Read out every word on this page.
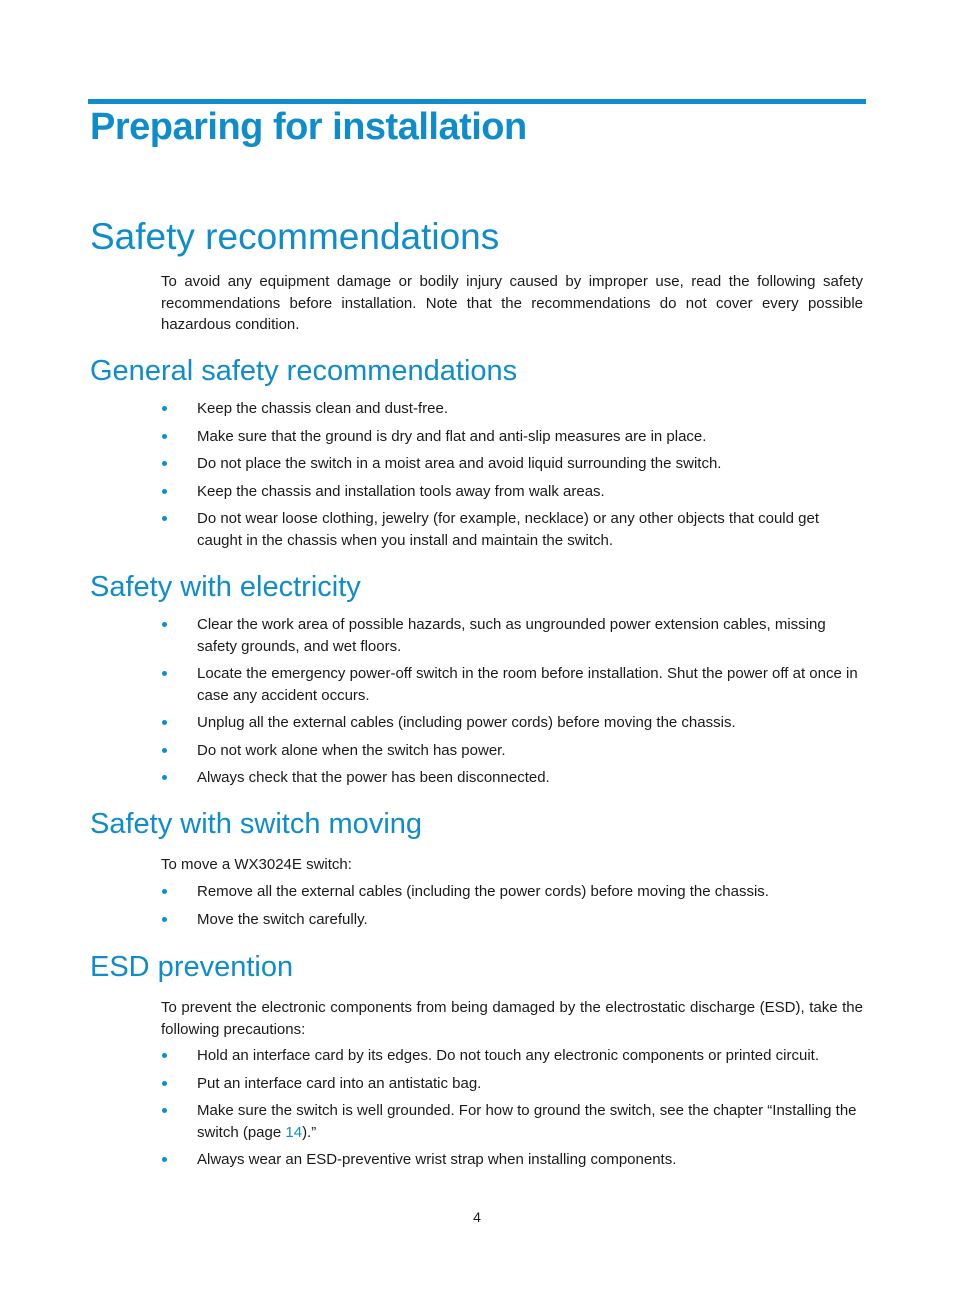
Preparing for installation
Safety recommendations

To avoid any equipment damage or bodily injury caused by improper use, read the following safety recommendations before installation. Note that the recommendations do not cover every possible hazardous condition.

General safety recommendations
Keep the chassis clean and dust-free.
Make sure that the ground is dry and flat and anti-slip measures are in place.
Do not place the switch in a moist area and avoid liquid surrounding the switch.
Keep the chassis and installation tools away from walk areas.
Do not wear loose clothing, jewelry (for example, necklace) or any other objects that could get caught in the chassis when you install and maintain the switch.
Safety with electricity
Clear the work area of possible hazards, such as ungrounded power extension cables, missing safety grounds, and wet floors.
Locate the emergency power-off switch in the room before installation. Shut the power off at once in case any accident occurs.
Unplug all the external cables (including power cords) before moving the chassis.
Do not work alone when the switch has power.
Always check that the power has been disconnected.
Safety with switch moving

To move a WX3024E switch:

Remove all the external cables (including the power cords) before moving the chassis.
Move the switch carefully.
ESD prevention

To prevent the electronic components from being damaged by the electrostatic discharge (ESD), take the following precautions:

Hold an interface card by its edges. Do not touch any electronic components or printed circuit.
Put an interface card into an antistatic bag.
Make sure the switch is well grounded. For how to ground the switch, see the chapter “Installing the switch (page 14).”
Always wear an ESD-preventive wrist strap when installing components.
4
